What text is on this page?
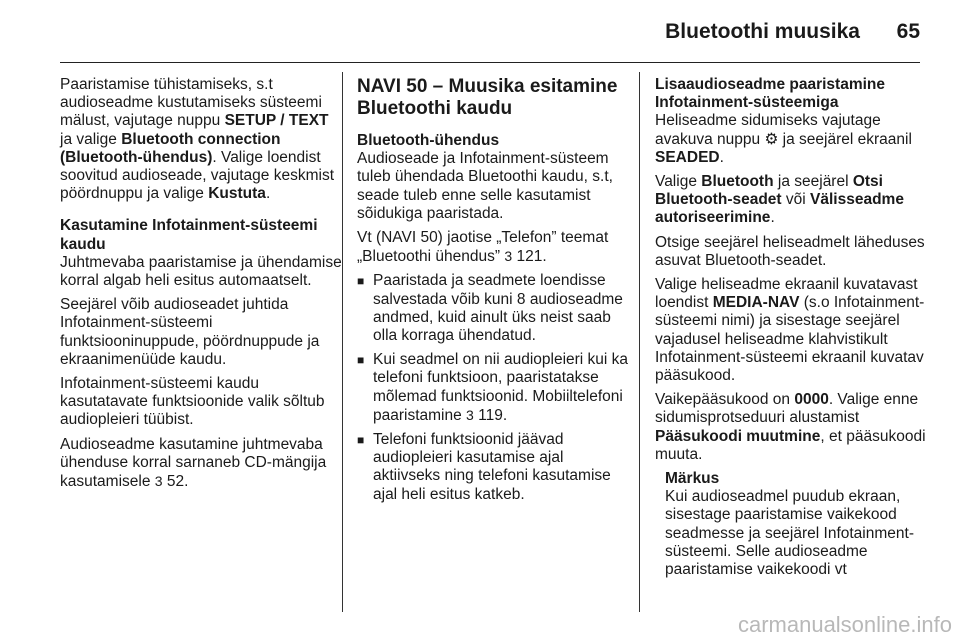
Bluetoothi muusika 65

Paaristamise tühistamiseks, s.t audioseadme kustutamiseks süsteemi mälust, vajutage nuppu SETUP / TEXT ja valige Bluetooth connection (Bluetooth-ühendus). Valige loendist soovitud audioseade, vajutage keskmist pöördnuppu ja valige Kustuta.

Kasutamine Infotainment-süsteemi kaudu

Juhtmevaba paaristamise ja ühendamise korral algab heli esitus automaatselt.

Seejärel võib audioseadet juhtida Infotainment-süsteemi funktsiooninuppude, pöördnuppude ja ekraanimenüüde kaudu.

Infotainment-süsteemi kaudu kasutatavate funktsioonide valik sõltub audiopleieri tüübist.

Audioseadme kasutamine juhtmevaba ühenduse korral sarnaneb CD-mängija kasutamisele 3 52.

NAVI 50 – Muusika esitamine Bluetoothi kaudu

Bluetooth-ühendus

Audioseade ja Infotainment-süsteem tuleb ühendada Bluetoothi kaudu, s.t, seade tuleb enne selle kasutamist sõidukiga paaristada.

Vt (NAVI 50) jaotise „Telefon” teemat „Bluetoothi ühendus” 3 121.

■ Paaristada ja seadmete loendisse salvestada võib kuni 8 audioseadme andmed, kuid ainult üks neist saab olla korraga ühendatud.
■ Kui seadmel on nii audiopleieri kui ka telefoni funktsioon, paaristatakse mõlemad funktsioonid. Mobiiltelefoni paaristamine 3 119.
■ Telefoni funktsioonid jäävad audiopleieri kasutamise ajal aktiivseks ning telefoni kasutamise ajal heli esitus katkeb.

Lisaaudioseadme paaristamine Infotainment-süsteemiga

Heliseadme sidumiseks vajutage avakuva nuppu ⚙ ja seejärel ekraanil SEADED.

Valige Bluetooth ja seejärel Otsi Bluetooth-seadet või Välisseadme autoriseerimine.

Otsige seejärel heliseadmelt läheduses asuvat Bluetooth-seadet.

Valige heliseadme ekraanil kuvatavast loendist MEDIA-NAV (s.o Infotainment-süsteemi nimi) ja sisestage seejärel vajadusel heliseadme klahvistikult Infotainment-süsteemi ekraanil kuvatav pääsukood.

Vaikepääsukood on 0000. Valige enne sidumisprotseduuri alustamist Pääsukoodi muutmine, et pääsukoodi muuta.

Märkus

Kui audioseadmel puudub ekraan, sisestage paaristamise vaikekood seadmesse ja seejärel Infotainment-süsteemi. Selle audioseadme paaristamise vaikekoodi vt

carmanualsonline.info
